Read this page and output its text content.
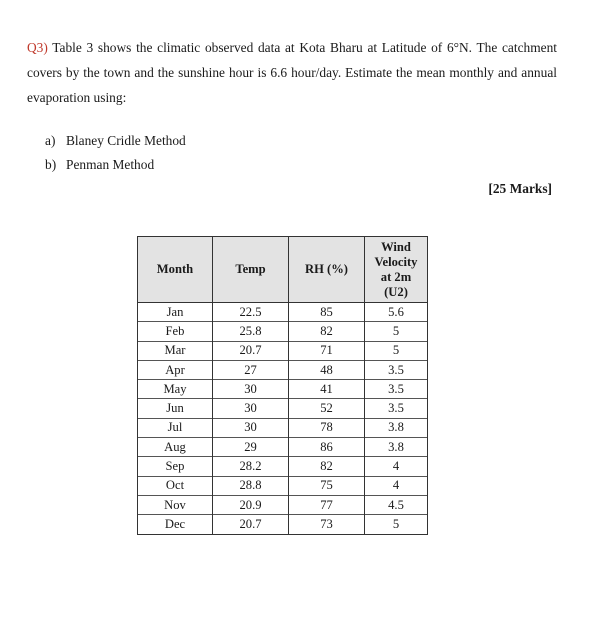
Q3) Table 3 shows the climatic observed data at Kota Bharu at Latitude of 6°N. The catchment covers by the town and the sunshine hour is 6.6 hour/day. Estimate the mean monthly and annual evaporation using:
a) Blaney Cridle Method
b) Penman Method
[25 Marks]
Month	Temp	RH (%)	Wind
Velocity
at 2m
(U2)

Jan	22.5	85	5.6
Feb	25.8	82	5
Mar	20.7	71	5
Apr	27	48	3.5
May	30	41	3.5
Jun	30	52	3.5
Jul	30	78	3.8
Aug	29	86	3.8
Sep	28.2	82	4
Oct	28.8	75	4
Nov	20.9	77	4.5
Dec	20.7	73	5
